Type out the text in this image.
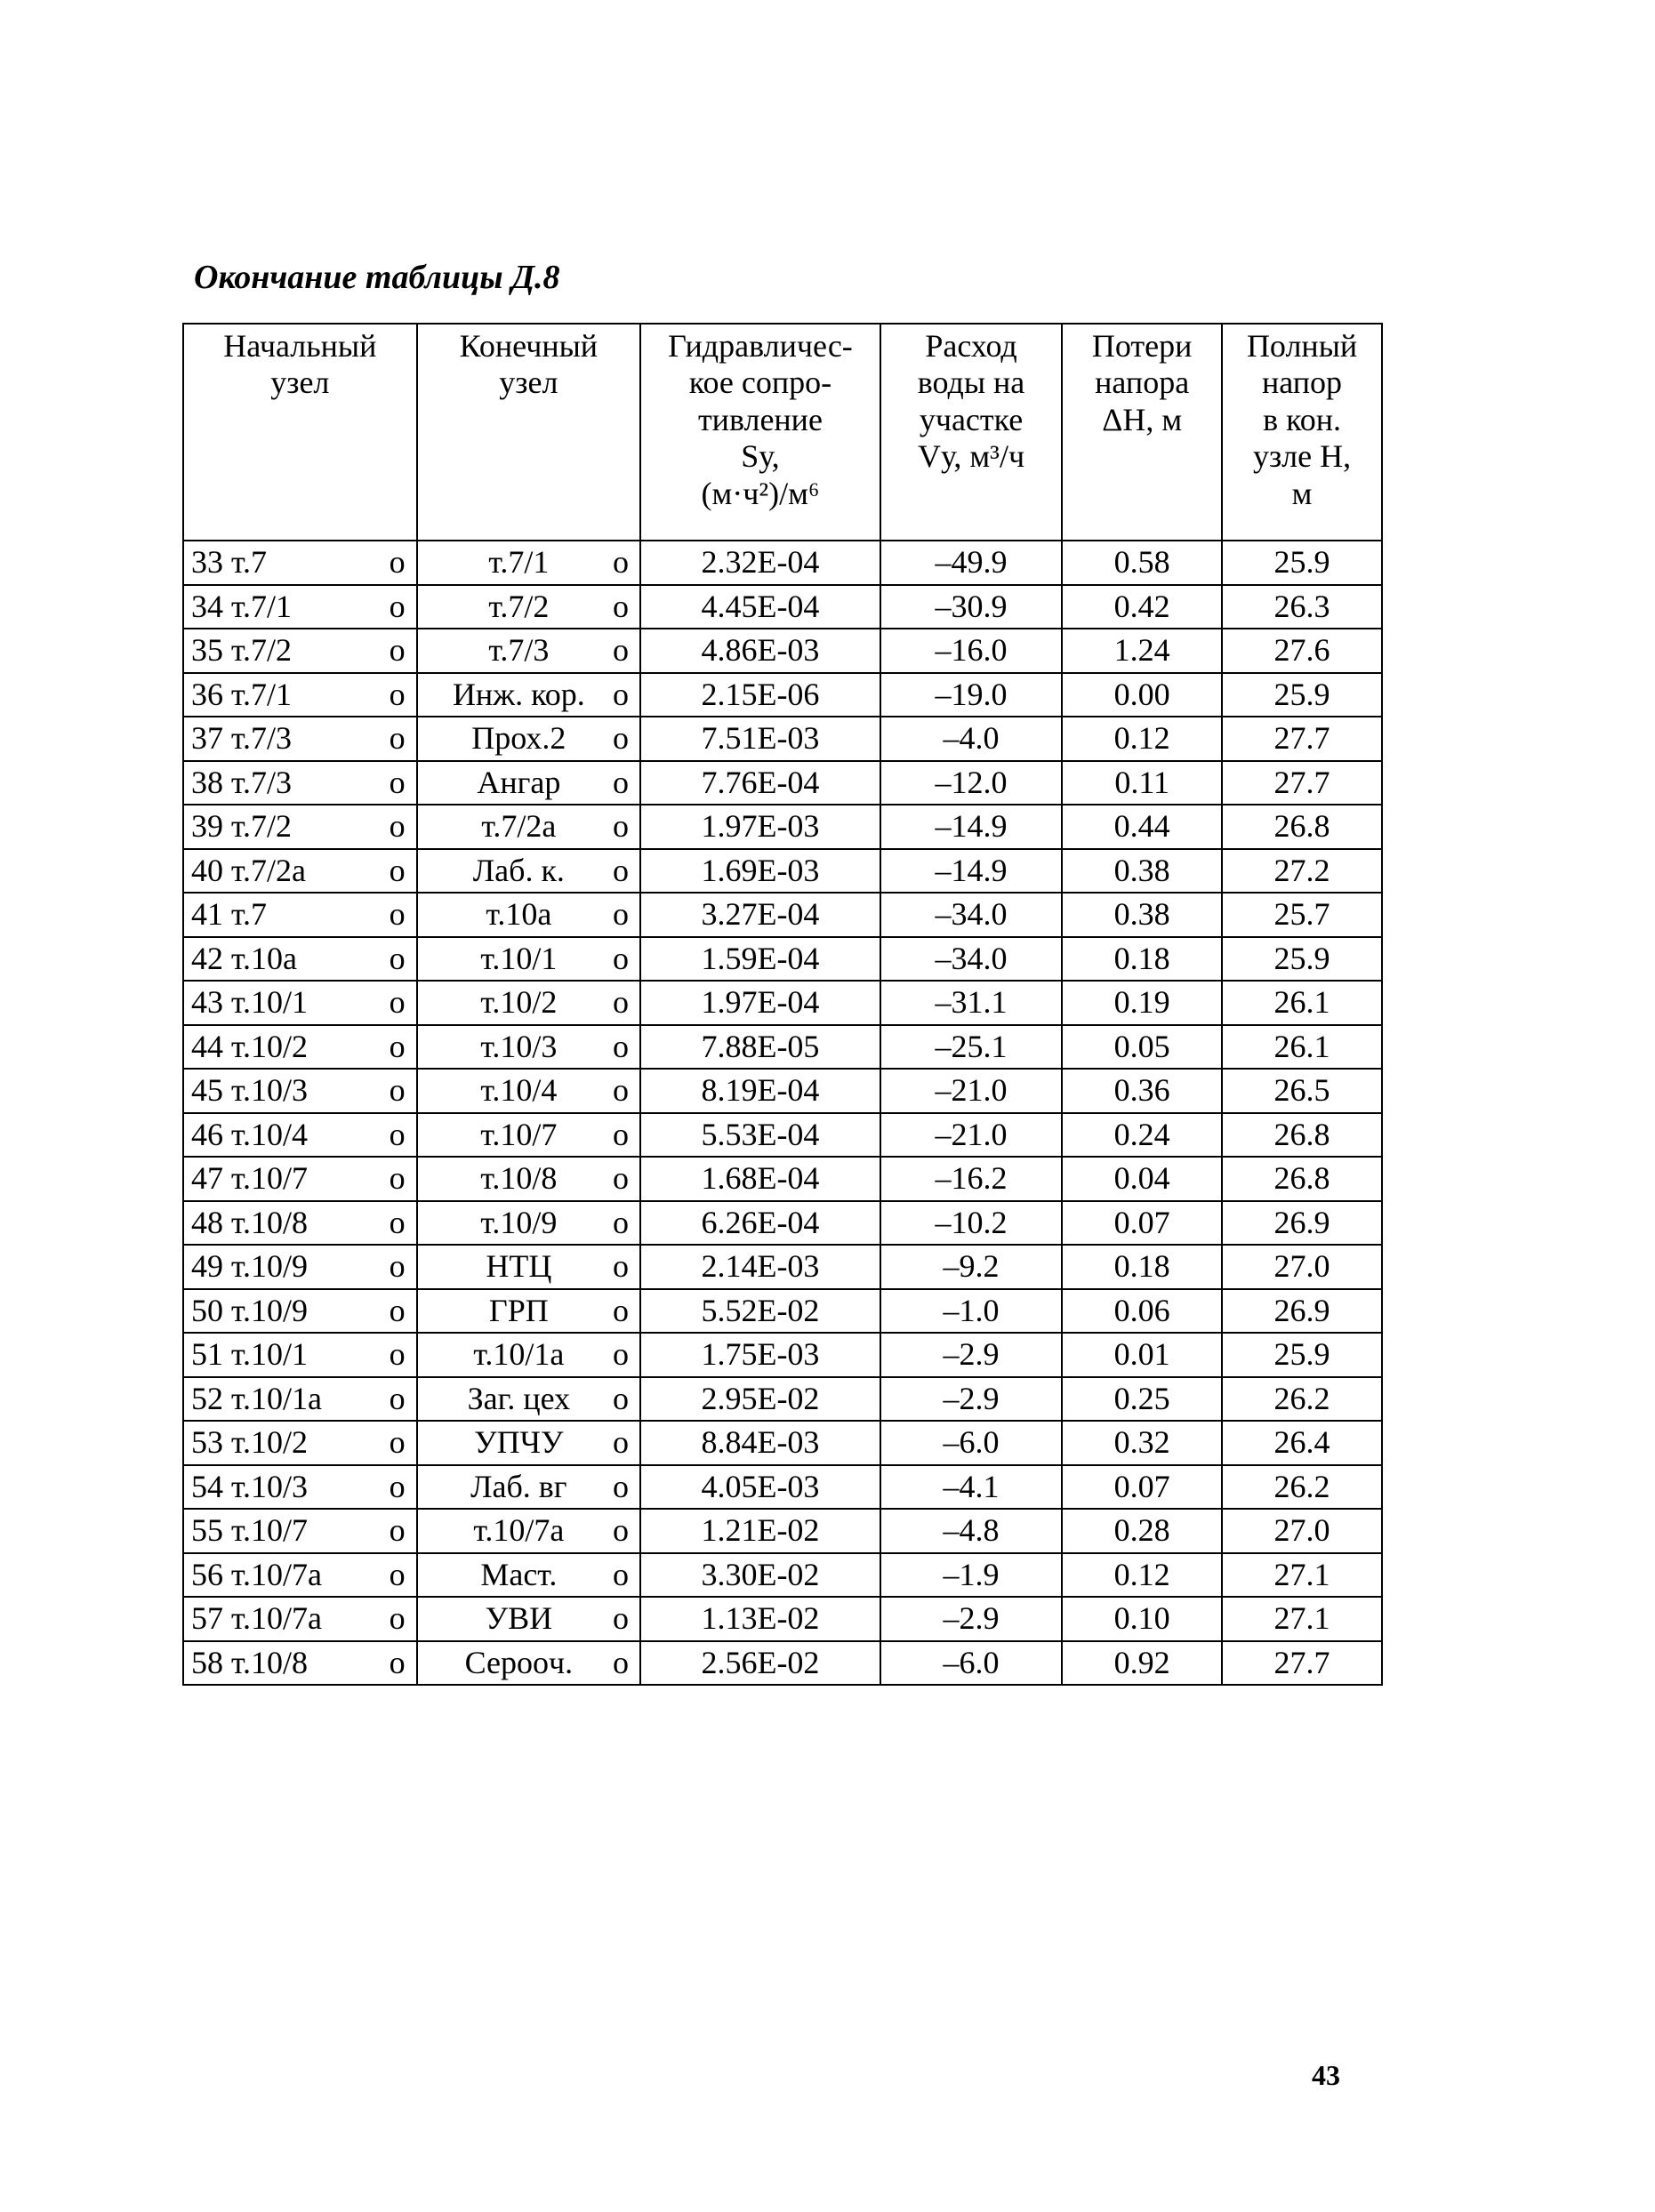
Окончание таблицы Д.8
Начальный
узел	Конечный
узел	Гидравличес-
кое сопро-
тивление
Sу,
(м·ч²)/м⁶	Расход
воды на
участке
Vу, м³/ч	Потери
напора
ΔH, м	Полный
напор
в кон.
узле H,
м

33 т.7 о	т.7/1 о	2.32E-04	–49.9	0.58	25.9

34 т.7/1 о	т.7/2 о	4.45E-04	–30.9	0.42	26.3

35 т.7/2 о	т.7/3 о	4.86E-03	–16.0	1.24	27.6

36 т.7/1 о	Инж. кор. о	2.15E-06	–19.0	0.00	25.9

37 т.7/3 о	Прох.2 о	7.51E-03	–4.0	0.12	27.7

38 т.7/3 о	Ангар о	7.76E-04	–12.0	0.11	27.7

39 т.7/2 о	т.7/2а о	1.97E-03	–14.9	0.44	26.8

40 т.7/2а о	Лаб. к. о	1.69E-03	–14.9	0.38	27.2

41 т.7 о	т.10а о	3.27E-04	–34.0	0.38	25.7

42 т.10а о	т.10/1 о	1.59E-04	–34.0	0.18	25.9

43 т.10/1 о	т.10/2 о	1.97E-04	–31.1	0.19	26.1

44 т.10/2 о	т.10/3 о	7.88E-05	–25.1	0.05	26.1

45 т.10/3 о	т.10/4 о	8.19E-04	–21.0	0.36	26.5

46 т.10/4 о	т.10/7 о	5.53E-04	–21.0	0.24	26.8

47 т.10/7 о	т.10/8 о	1.68E-04	–16.2	0.04	26.8

48 т.10/8 о	т.10/9 о	6.26E-04	–10.2	0.07	26.9

49 т.10/9 о	НТЦ о	2.14E-03	–9.2	0.18	27.0

50 т.10/9 о	ГРП о	5.52E-02	–1.0	0.06	26.9

51 т.10/1 о	т.10/1а о	1.75E-03	–2.9	0.01	25.9

52 т.10/1а о	Заг. цех о	2.95E-02	–2.9	0.25	26.2

53 т.10/2 о	УПЧУ о	8.84E-03	–6.0	0.32	26.4

54 т.10/3 о	Лаб. вг о	4.05E-03	–4.1	0.07	26.2

55 т.10/7 о	т.10/7а о	1.21E-02	–4.8	0.28	27.0

56 т.10/7а о	Маст. о	3.30E-02	–1.9	0.12	27.1

57 т.10/7а о	УВИ о	1.13E-02	–2.9	0.10	27.1

58 т.10/8 о	Сероoч. о	2.56E-02	–6.0	0.92	27.7
43
